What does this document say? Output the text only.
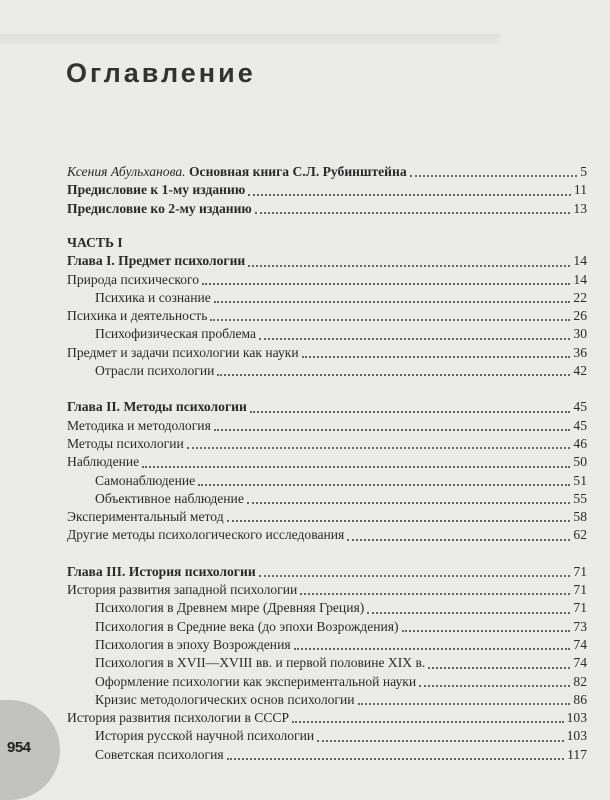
Оглавление
Ксения Абульханова. Основная книга С.Л. Рубинштейна	5
Предисловие к 1-му изданию	11
Предисловие ко 2-му изданию	13
ЧАСТЬ I
Глава I. Предмет психологии	14
Природа психического	14
Психика и сознание	22
Психика и деятельность	26
Психофизическая проблема	30
Предмет и задачи психологии как науки	36
Отрасли психологии	42
Глава II. Методы психологии	45
Методика и методология	45
Методы психологии	46
Наблюдение	50
Самонаблюдение	51
Объективное наблюдение	55
Экспериментальный метод	58
Другие методы психологического исследования	62
Глава III. История психологии	71
История развития западной психологии	71
Психология в Древнем мире (Древняя Греция)	71
Психология в Средние века (до эпохи Возрождения)	73
Психология в эпоху Возрождения	74
Психология в XVII—XVIII вв. и первой половине XIX в.	74
Оформление психологии как экспериментальной науки	82
Кризис методологических основ психологии	86
История развития психологии в СССР	103
История русской научной психологии	103
Советская психология	117
954
